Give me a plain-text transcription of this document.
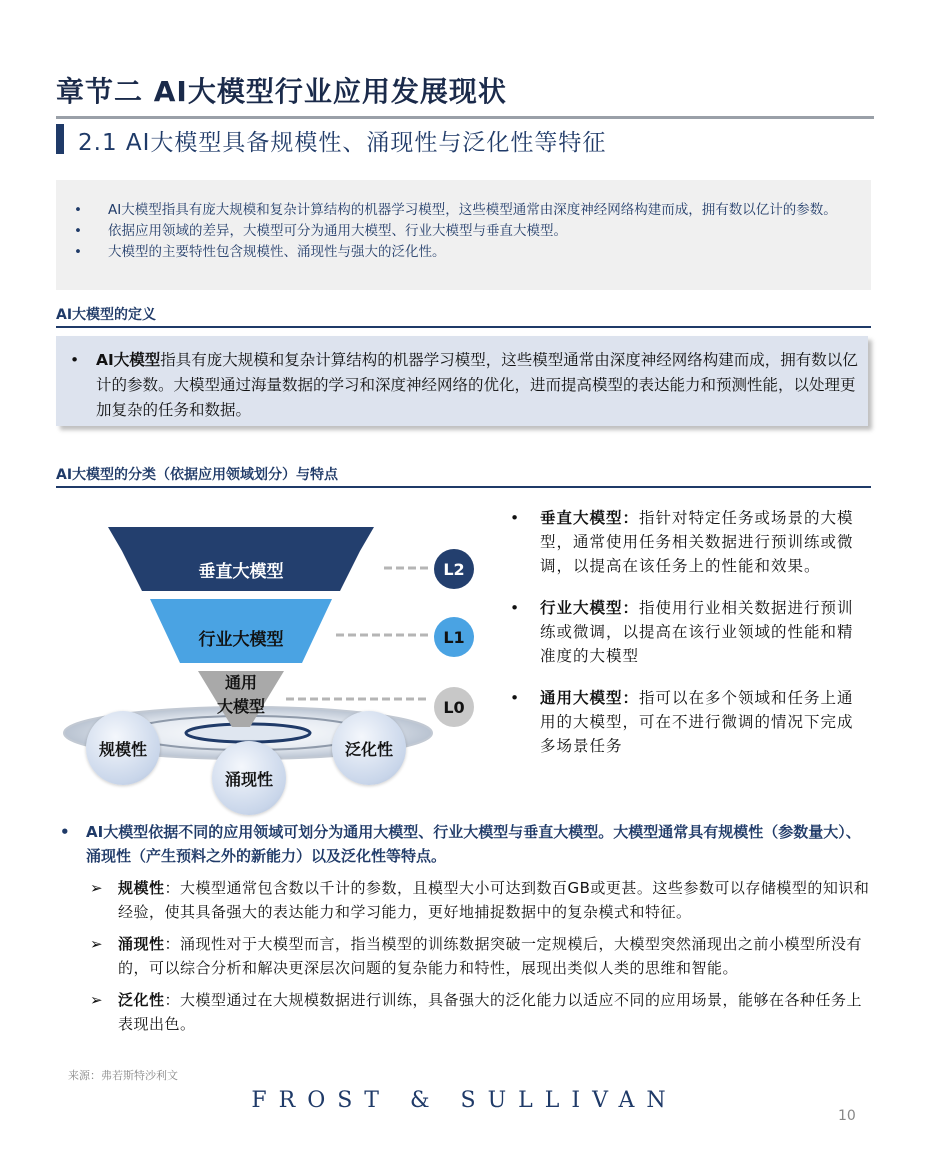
章节二 AI大模型行业应用发展现状
2.1 AI大模型具备规模性、涌现性与泛化性等特征
• AI大模型指具有庞大规模和复杂计算结构的机器学习模型，这些模型通常由深度神经网络构建而成，拥有数以亿计的参数。
• 依据应用领域的差异，大模型可分为通用大模型、行业大模型与垂直大模型。
• 大模型的主要特性包含规模性、涌现性与强大的泛化性。
AI大模型的定义
• AI大模型指具有庞大规模和复杂计算结构的机器学习模型，这些模型通常由深度神经网络构建而成，拥有数以亿计的参数。大模型通过海量数据的学习和深度神经网络的优化，进而提高模型的表达能力和预测性能，以处理更加复杂的任务和数据。
AI大模型的分类（依据应用领域划分）与特点
垂直大模型
行业大模型
通用
大模型
L2
L1
L0
规模性
涌现性
泛化性
• 垂直大模型：指针对特定任务或场景的大模型，通常使用任务相关数据进行预训练或微调，以提高在该任务上的性能和效果。
• 行业大模型：指使用行业相关数据进行预训练或微调，以提高在该行业领域的性能和精准度的大模型
• 通用大模型：指可以在多个领域和任务上通用的大模型，可在不进行微调的情况下完成多场景任务
• AI大模型依据不同的应用领域可划分为通用大模型、行业大模型与垂直大模型。大模型通常具有规模性（参数量大）、涌现性（产生预料之外的新能力）以及泛化性等特点。
➢ 规模性：大模型通常包含数以千计的参数，且模型大小可达到数百GB或更甚。这些参数可以存储模型的知识和经验，使其具备强大的表达能力和学习能力，更好地捕捉数据中的复杂模式和特征。
➢ 涌现性：涌现性对于大模型而言，指当模型的训练数据突破一定规模后，大模型突然涌现出之前小模型所没有的，可以综合分析和解决更深层次问题的复杂能力和特性，展现出类似人类的思维和智能。
➢ 泛化性：大模型通过在大规模数据进行训练，具备强大的泛化能力以适应不同的应用场景，能够在各种任务上表现出色。
来源：弗若斯特沙利文
FROST & SULLIVAN
10
